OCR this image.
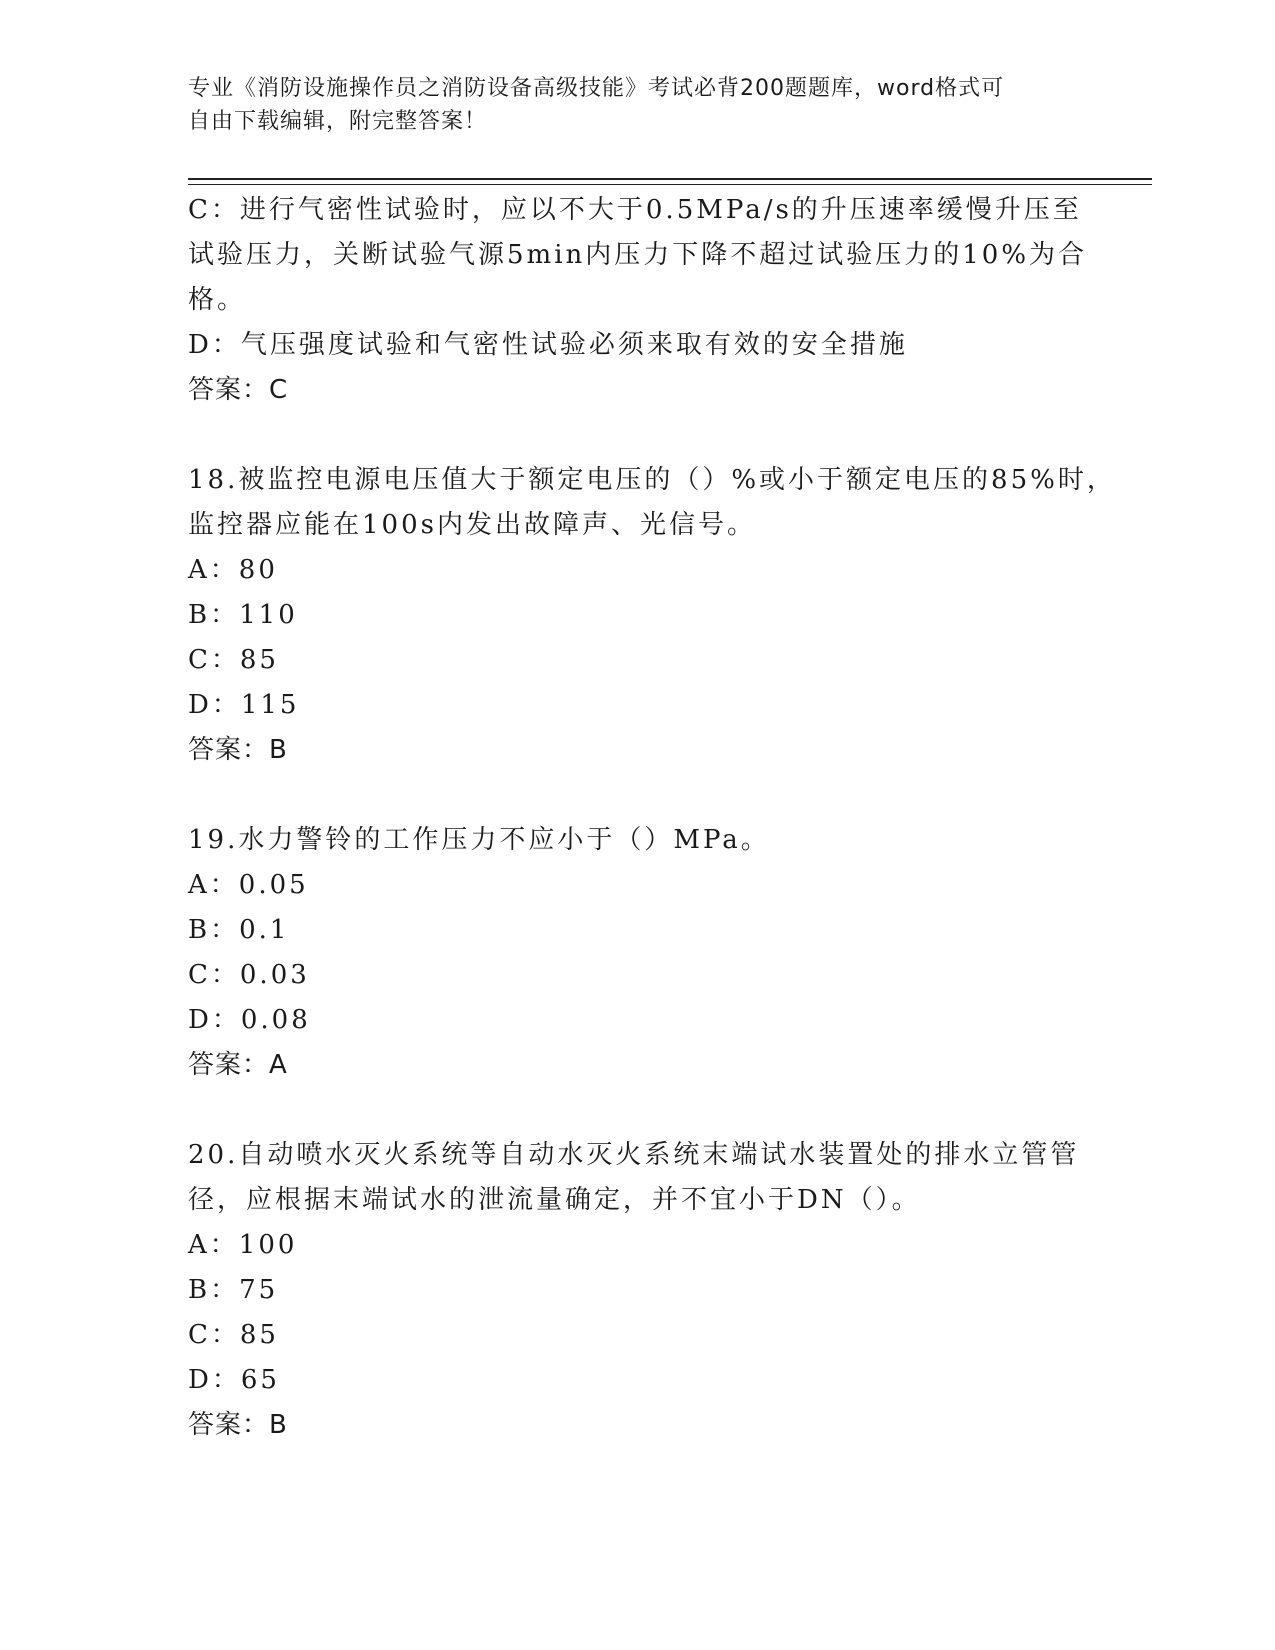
专业《消防设施操作员之消防设备高级技能》考试必背200题题库，word格式可
自由下载编辑，附完整答案！
C：进行气密性试验时，应以不大于0.5MPa/s的升压速率缓慢升压至
试验压力，关断试验气源5min内压力下降不超过试验压力的10%为合
格。
D：气压强度试验和气密性试验必须来取有效的安全措施
答案：C
18.被监控电源电压值大于额定电压的（）%或小于额定电压的85%时，
监控器应能在100s内发出故障声、光信号。
A：80
B：110
C：85
D：115
答案：B
19.水力警铃的工作压力不应小于（）MPa。
A：0.05
B：0.1
C：0.03
D：0.08
答案：A
20.自动喷水灭火系统等自动水灭火系统末端试水装置处的排水立管管
径，应根据末端试水的泄流量确定，并不宜小于DN（）。
A：100
B：75
C：85
D：65
答案：B
